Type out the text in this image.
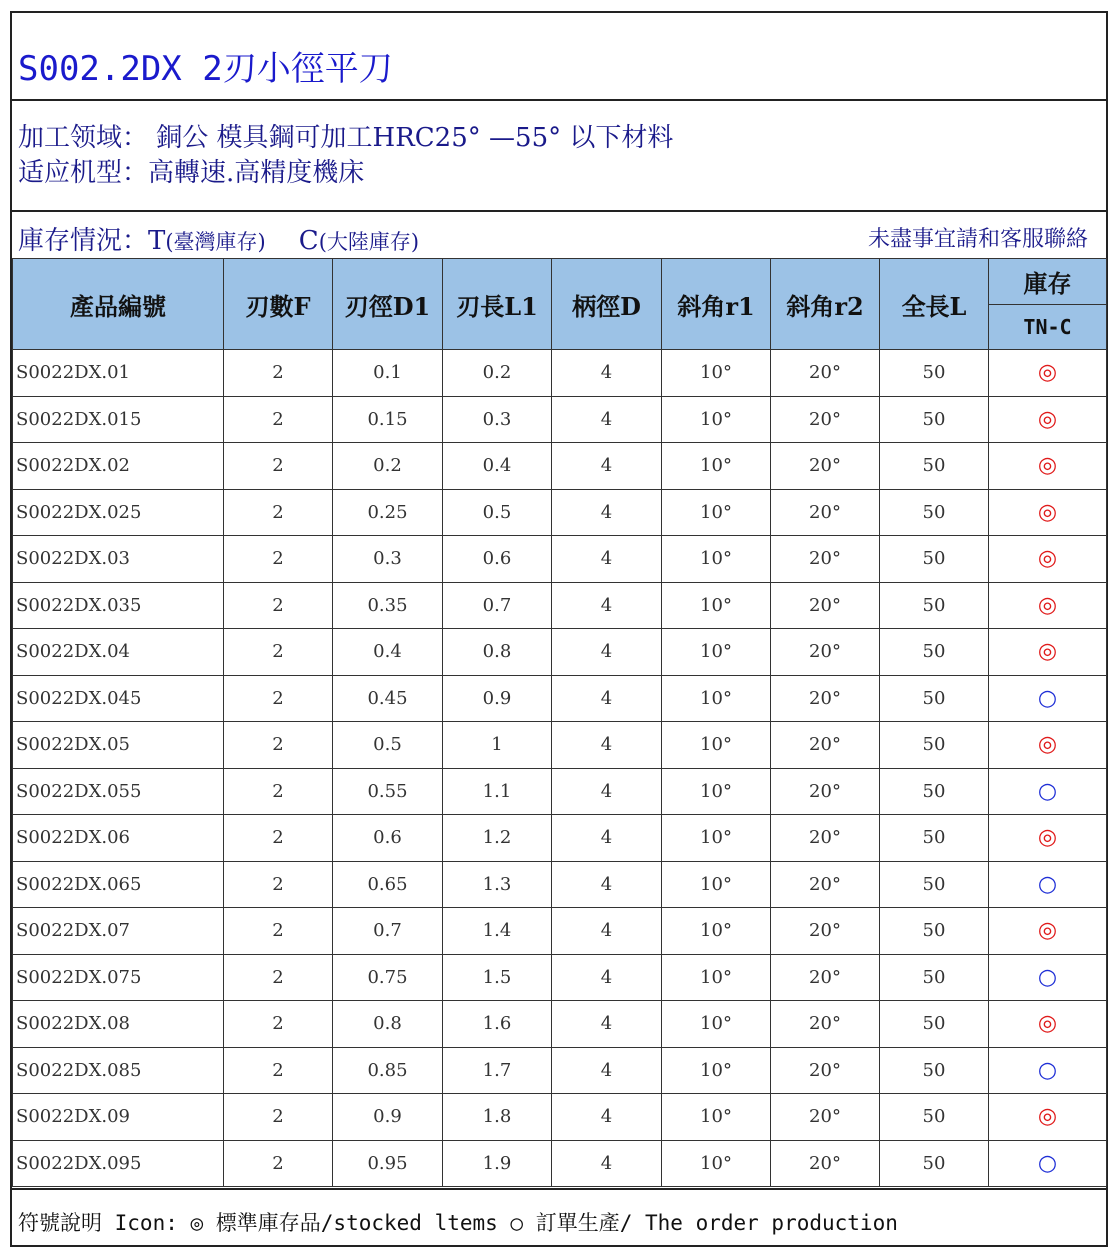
S002.2DX 2刃小徑平刀
加工领域： 銅公 模具鋼可加工HRC25° —55° 以下材料
适应机型：高轉速.高精度機床
庫存情況：T(臺灣庫存) C(大陸庫存)	未盡事宜請和客服聯絡
產品編號	刃數F	刃徑D1	刃長L1	柄徑D	斜角r1	斜角r2	全長L	庫存
								TN-C
S0022DX.01	2	0.1	0.2	4	10°	20°	50	◎
S0022DX.015	2	0.15	0.3	4	10°	20°	50	◎
S0022DX.02	2	0.2	0.4	4	10°	20°	50	◎
S0022DX.025	2	0.25	0.5	4	10°	20°	50	◎
S0022DX.03	2	0.3	0.6	4	10°	20°	50	◎
S0022DX.035	2	0.35	0.7	4	10°	20°	50	◎
S0022DX.04	2	0.4	0.8	4	10°	20°	50	◎
S0022DX.045	2	0.45	0.9	4	10°	20°	50	○
S0022DX.05	2	0.5	1	4	10°	20°	50	◎
S0022DX.055	2	0.55	1.1	4	10°	20°	50	○
S0022DX.06	2	0.6	1.2	4	10°	20°	50	◎
S0022DX.065	2	0.65	1.3	4	10°	20°	50	○
S0022DX.07	2	0.7	1.4	4	10°	20°	50	◎
S0022DX.075	2	0.75	1.5	4	10°	20°	50	○
S0022DX.08	2	0.8	1.6	4	10°	20°	50	◎
S0022DX.085	2	0.85	1.7	4	10°	20°	50	○
S0022DX.09	2	0.9	1.8	4	10°	20°	50	◎
S0022DX.095	2	0.95	1.9	4	10°	20°	50	○
符號說明 Icon: ◎ 標準庫存品/stocked ltems ○ 訂單生產/ The order production
